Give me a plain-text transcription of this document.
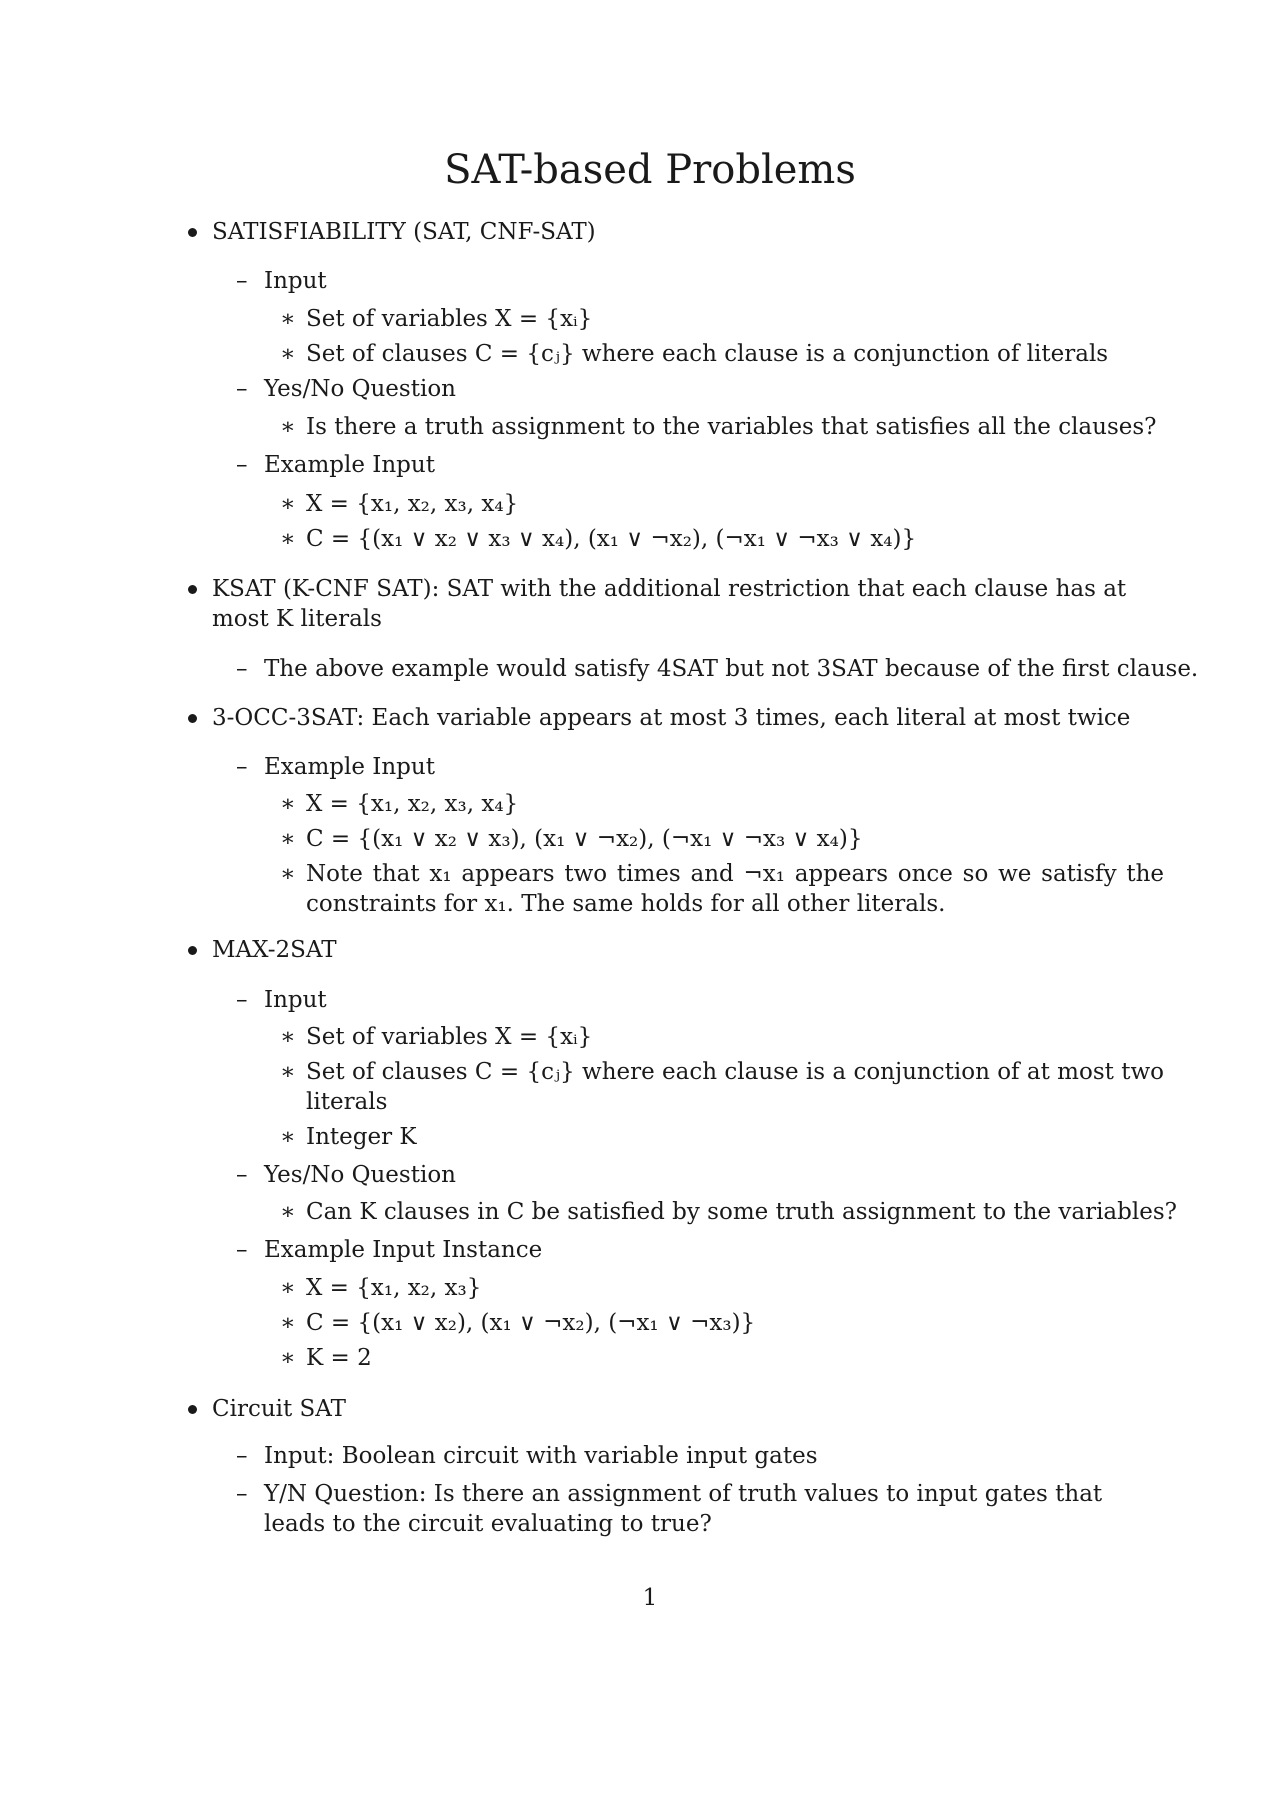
SAT-based Problems
SATISFIABILITY (SAT, CNF-SAT)
– Input
∗ Set of variables X = {xᵢ}
∗ Set of clauses C = {cⱼ} where each clause is a conjunction of literals
– Yes/No Question
∗ Is there a truth assignment to the variables that satisfies all the clauses?
– Example Input
∗ X = {x₁, x₂, x₃, x₄}
∗ C = {(x₁ ∨ x₂ ∨ x₃ ∨ x₄), (x₁ ∨ ¬x₂), (¬x₁ ∨ ¬x₃ ∨ x₄)}
KSAT (K-CNF SAT): SAT with the additional restriction that each clause has at most K literals
– The above example would satisfy 4SAT but not 3SAT because of the first clause.
3-OCC-3SAT: Each variable appears at most 3 times, each literal at most twice
– Example Input
∗ X = {x₁, x₂, x₃, x₄}
∗ C = {(x₁ ∨ x₂ ∨ x₃), (x₁ ∨ ¬x₂), (¬x₁ ∨ ¬x₃ ∨ x₄)}
∗ Note that x₁ appears two times and ¬x₁ appears once so we satisfy the constraints for x₁. The same holds for all other literals.
MAX-2SAT
– Input
∗ Set of variables X = {xᵢ}
∗ Set of clauses C = {cⱼ} where each clause is a conjunction of at most two literals
∗ Integer K
– Yes/No Question
∗ Can K clauses in C be satisfied by some truth assignment to the variables?
– Example Input Instance
∗ X = {x₁, x₂, x₃}
∗ C = {(x₁ ∨ x₂), (x₁ ∨ ¬x₂), (¬x₁ ∨ ¬x₃)}
∗ K = 2
Circuit SAT
– Input: Boolean circuit with variable input gates
– Y/N Question: Is there an assignment of truth values to input gates that leads to the circuit evaluating to true?
1
